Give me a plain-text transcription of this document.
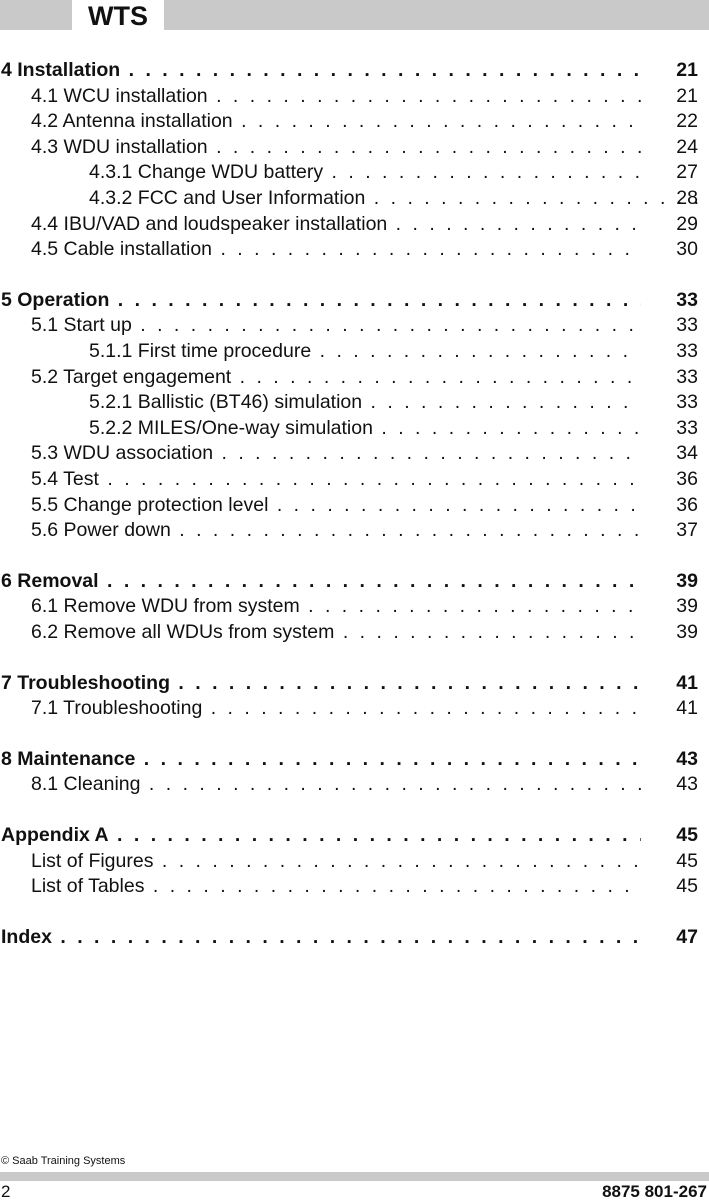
WTS
4 Installation . . .	21
4.1 WCU installation . . .	21
4.2 Antenna installation . . .	22
4.3 WDU installation . . .	24
4.3.1 Change WDU battery . . .	27
4.3.2 FCC and User Information . . .	28
4.4 IBU/VAD and loudspeaker installation . . .	29
4.5 Cable installation . . .	30
5 Operation . . .	33
5.1 Start up . . .	33
5.1.1 First time procedure . . .	33
5.2 Target engagement . . .	33
5.2.1 Ballistic (BT46) simulation . . .	33
5.2.2 MILES/One-way simulation . . .	33
5.3 WDU association . . .	34
5.4 Test . . .	36
5.5 Change protection level . . .	36
5.6 Power down . . .	37
6 Removal . . .	39
6.1 Remove WDU from system . . .	39
6.2 Remove all WDUs from system . . .	39
7 Troubleshooting . . .	41
7.1 Troubleshooting . . .	41
8 Maintenance . . .	43
8.1 Cleaning . . .	43
Appendix A . . .	45
List of Figures . . .	45
List of Tables . . .	45
Index . . .	47
© Saab Training Systems
2	8875 801-267
